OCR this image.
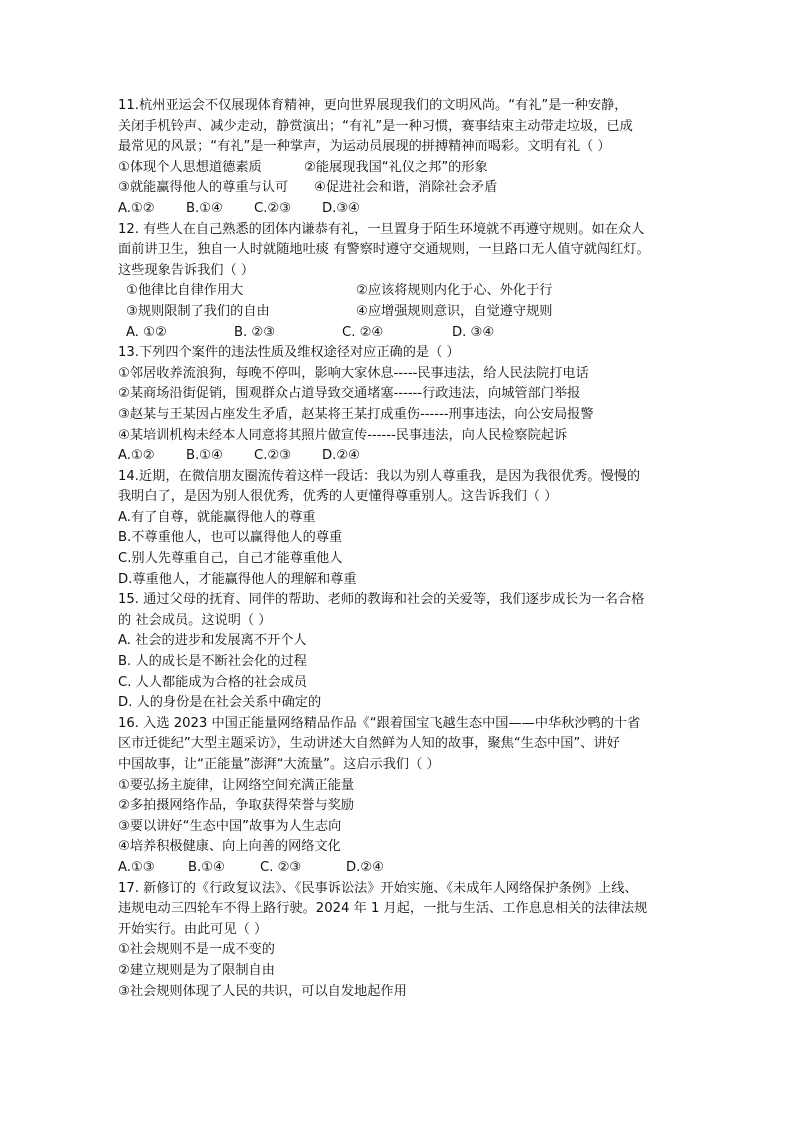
11.杭州亚运会不仅展现体育精神，更向世界展现我们的文明风尚。“有礼”是一种安静，
关闭手机铃声、减少走动，静赏演出；“有礼”是一种习惯，赛事结束主动带走垃圾，已成
最常见的风景；“有礼”是一种掌声，为运动员展现的拼搏精神而喝彩。文明有礼（ ）
①体现个人思想道德素质	②能展现我国“礼仪之邦”的形象
③就能赢得他人的尊重与认可	④促进社会和谐，消除社会矛盾
A.①②	B.①④	C.②③	D.③④
12. 有些人在自己熟悉的团体内谦恭有礼，一旦置身于陌生环境就不再遵守规则。如在众人
面前讲卫生，独自一人时就随地吐痰 有警察时遵守交通规则，一旦路口无人值守就闯红灯。
这些现象告诉我们（ ）
①他律比自律作用大	②应该将规则内化于心、外化于行
③规则限制了我们的自由	④应增强规则意识，自觉遵守规则
A. ①②	B. ②③	C. ②④	D. ③④
13.下列四个案件的违法性质及维权途径对应正确的是（ ）
①邻居收养流浪狗，每晚不停叫，影响大家休息-----民事违法，给人民法院打电话
②某商场沿街促销，围观群众占道导致交通堵塞------行政违法，向城管部门举报
③赵某与王某因占座发生矛盾，赵某将王某打成重伤------刑事违法，向公安局报警
④某培训机构未经本人同意将其照片做宣传------民事违法，向人民检察院起诉
A.①②	B.①④	C.②③	D.②④
14.近期，在微信朋友圈流传着这样一段话：我以为别人尊重我，是因为我很优秀。慢慢的
我明白了，是因为别人很优秀，优秀的人更懂得尊重别人。这告诉我们（ ）
A.有了自尊，就能赢得他人的尊重
B.不尊重他人，也可以赢得他人的尊重
C.别人先尊重自己，自己才能尊重他人
D.尊重他人，才能赢得他人的理解和尊重
15. 通过父母的抚育、同伴的帮助、老师的教诲和社会的关爱等，我们逐步成长为一名合格
的 社会成员。这说明（ ）
A. 社会的进步和发展离不开个人
B. 人的成长是不断社会化的过程
C. 人人都能成为合格的社会成员
D. 人的身份是在社会关系中确定的
16. 入选 2023 中国正能量网络精品作品《“跟着国宝飞越生态中国——中华秋沙鸭的十省
区市迁徙纪”大型主题采访》，生动讲述大自然鲜为人知的故事，聚焦“生态中国”、讲好
中国故事，让“正能量”澎湃“大流量”。这启示我们（ ）
①要弘扬主旋律，让网络空间充满正能量
②多拍摄网络作品，争取获得荣誉与奖励
③要以讲好“生态中国”故事为人生志向
④培养积极健康、向上向善的网络文化
A.①③	B.①④	C. ②③	D.②④
17. 新修订的《行政复议法》、《民事诉讼法》开始实施、《未成年人网络保护条例》上线、
违规电动三四轮车不得上路行驶。2024 年 1 月起，一批与生活、工作息息相关的法律法规
开始实行。由此可见（ ）
①社会规则不是一成不变的
②建立规则是为了限制自由
③社会规则体现了人民的共识，可以自发地起作用
